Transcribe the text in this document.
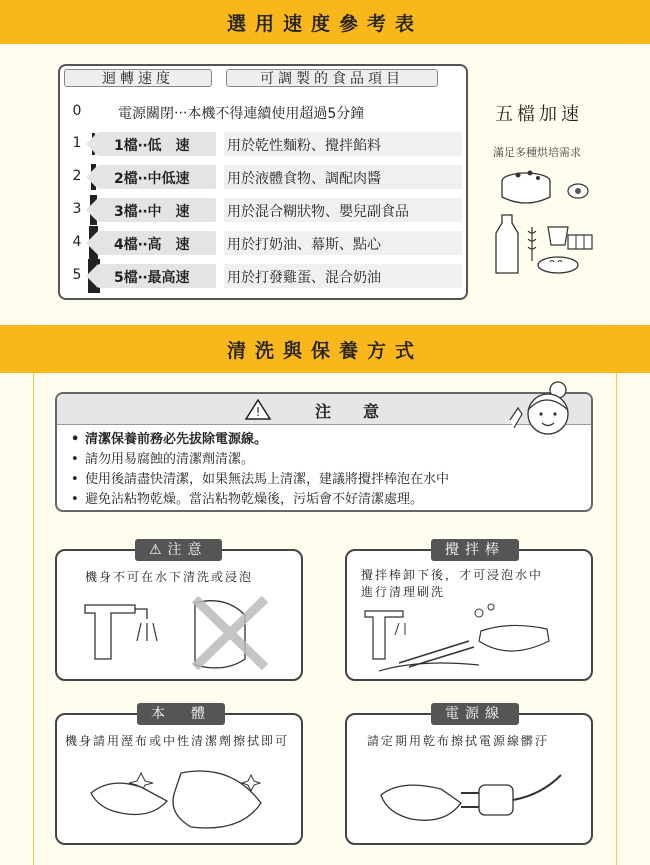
選用速度參考表
迴轉速度	可調製的食品項目
0	電源關閉‧‧‧本機不得連續使用超過5分鐘
1 1檔‧‧低　速	用於乾性麵粉、攪拌餡料
2 2檔‧‧中低速	用於液體食物、調配肉醬
3 3檔‧‧中　速	用於混合糊狀物、嬰兒副食品
4 4檔‧‧高　速	用於打奶油、幕斯、點心
5 5檔‧‧最高速	用於打發雞蛋、混合奶油
五檔加速
滿足多種烘培需求
清洗與保養方式
!	注　　意
• 清潔保養前務必先拔除電源線。
• 請勿用易腐蝕的清潔劑清潔。
• 使用後請盡快清潔，如果無法馬上清潔，建議將攪拌棒泡在水中
• 避免沾粘物乾燥。當沾粘物乾燥後，污垢會不好清潔處理。
⚠注意
機身不可在水下清洗或浸泡
攪拌棒
攪拌棒卸下後，才可浸泡水中
進行清理刷洗
本　體
機身請用溼布或中性清潔劑擦拭即可
電源線
請定期用乾布擦拭電源線髒汙
